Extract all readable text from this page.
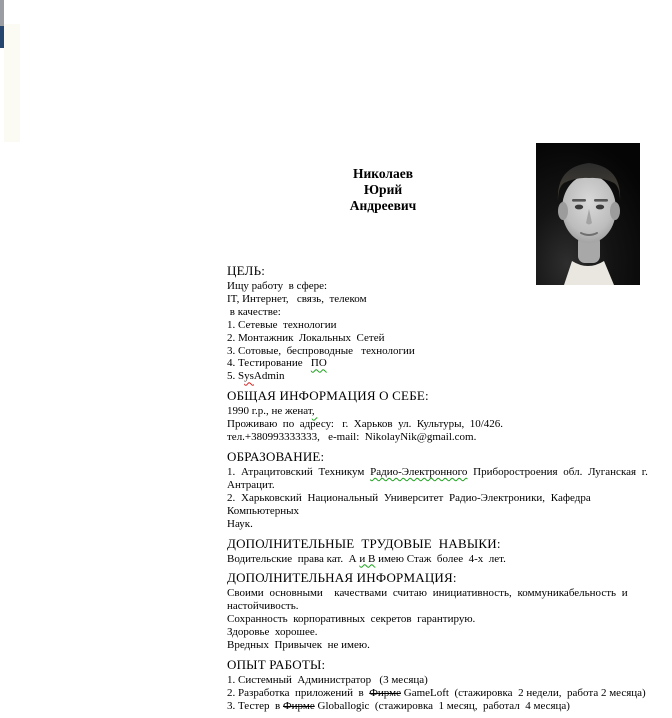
Николаев
Юрий
Андреевич
ЦЕЛЬ:
Ищу работу  в сфере:
IT, Интернет,   связь,  телеком
в качестве:
1. Сетевые  технологии
2. Монтажник  Локальных  Сетей
3. Сотовые,  беспроводные   технологии
4. Тестирование   ПО
5. SysAdmin
ОБЩАЯ ИНФОРМАЦИЯ О СЕБЕ:
1990 г.р., не женат,
Проживаю  по  адресу:   г.  Харьков  ул.  Культуры,  10/426.
тел.+380993333333,   e-mail:  NikolayNik@gmail.com.
ОБРАЗОВАНИЕ:
1. Атрацитовский Техникум Радио-Электронного Приборостроения обл. Луганская г.
Антрацит.
2. Харьковский Национальный Университет Радио-Электроники, Кафедра Компьютерных
Наук.
ДОПОЛНИТЕЛЬНЫЕ  ТРУДОВЫЕ  НАВЫКИ:
Водительские  права кат.  А и В имею Стаж  более  4-х  лет.
ДОПОЛНИТЕЛЬНАЯ ИНФОРМАЦИЯ:
Своими основными  качествами считаю инициативность, коммуникабельность и
настойчивость.
Сохранность  корпоративных  секретов  гарантирую.
Здоровье  хорошее.
Вредных  Привычек  не имею.
ОПЫТ РАБОТЫ:
1. Системный  Администратор   (3 месяца)
2. Разработка  приложений  в  Фирме GameLoft  (стажировка  2 недели,  работа 2 месяца)
3. Тестер  в Фирме Globallogic  (стажировка  1 месяц,  работал  4 месяца)
